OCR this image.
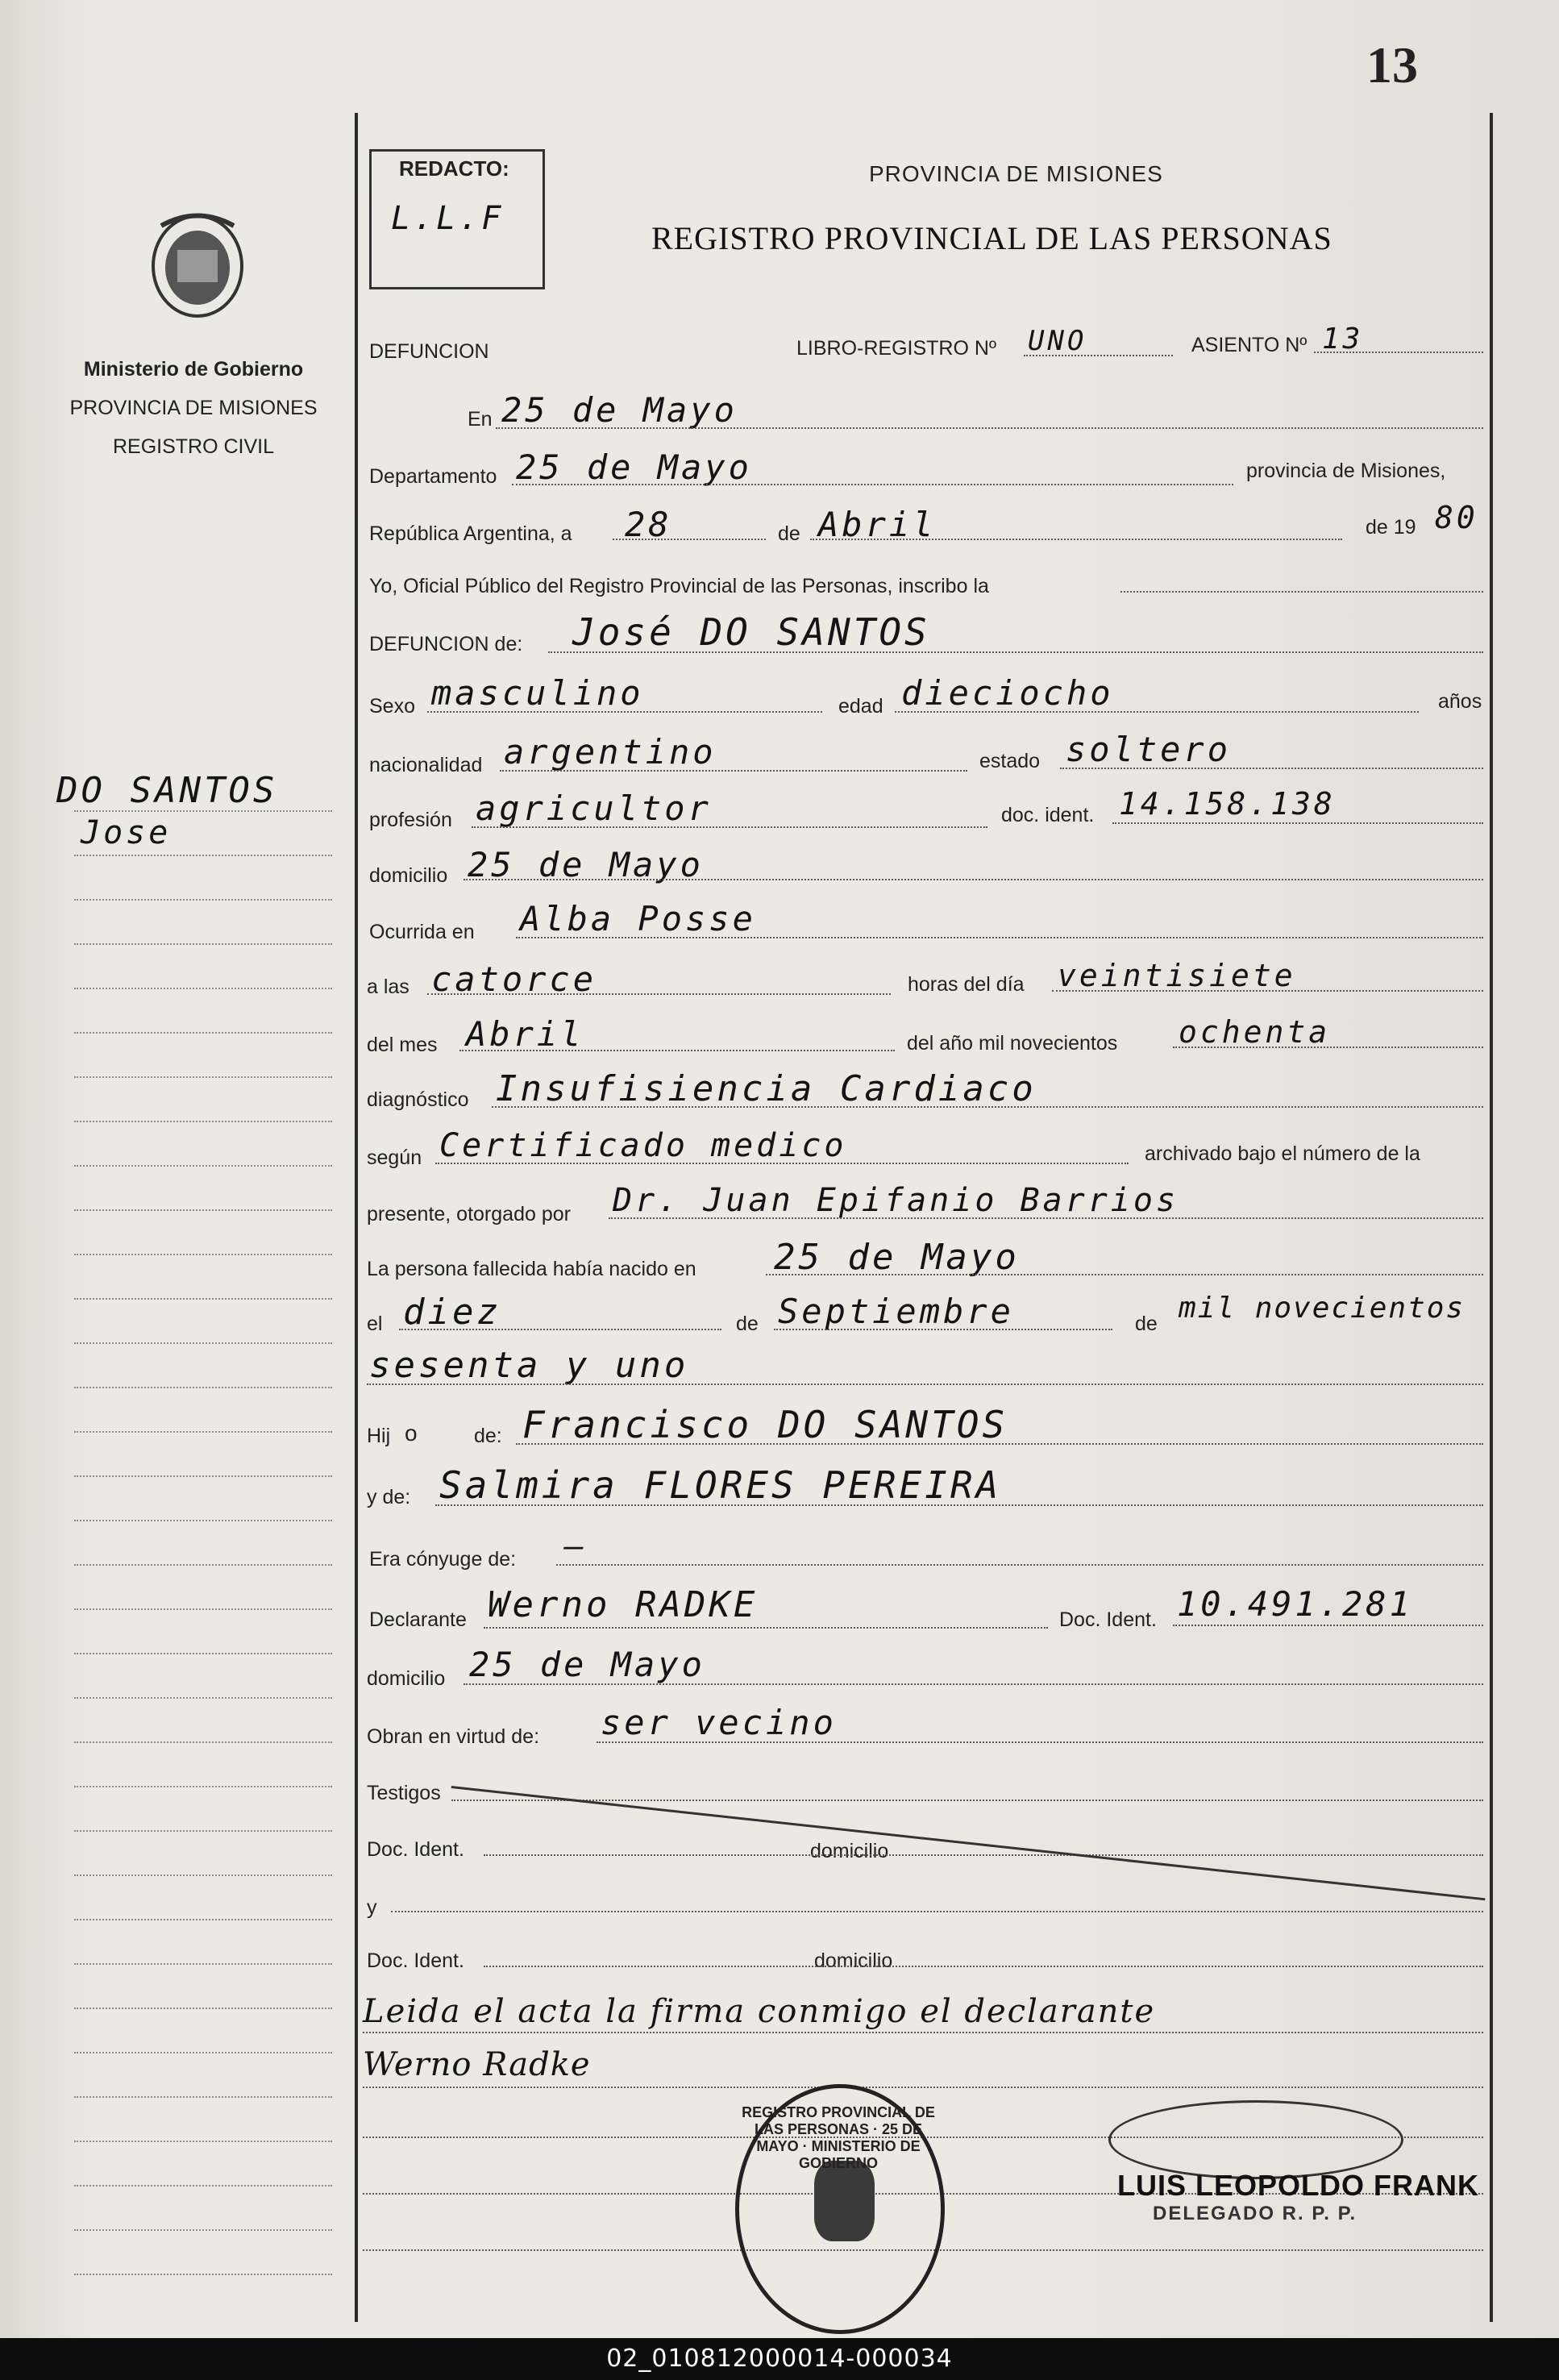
13
Ministerio de Gobierno
PROVINCIA DE MISIONES
REGISTRO CIVIL
DO SANTOS
Jose
REDACTO:
L.L.F
PROVINCIA DE MISIONES
REGISTRO PROVINCIAL DE LAS PERSONAS
DEFUNCION	LIBRO-REGISTRO Nº UNO	ASIENTO Nº 13
En 25 de Mayo
Departamento 25 de Mayo	provincia de Misiones,
República Argentina, a 28	de Abril	de 19 80
Yo, Oficial Público del Registro Provincial de las Personas, inscribo la
DEFUNCION de: José DO SANTOS
Sexo masculino	edad dieciocho	años
nacionalidad argentino	estado soltero
profesión agricultor	doc. ident. 14.158.138
domicilio 25 de Mayo
Ocurrida en Alba Posse
a las catorce	horas del día veintisiete
del mes Abril	del año mil novecientos ochenta
diagnóstico Insufisiencia Cardiaco
según Certificado medico	archivado bajo el número de la
presente, otorgado por Dr. Juan Epifanio Barrios
La persona fallecida había nacido en 25 de Mayo
el diez	de Septiembre	de mil novecientos
sesenta y uno
Hij o	de: Francisco DO SANTOS
y de: Salmira FLORES PEREIRA
Era cónyuge de: —
Declarante Werno RADKE	Doc. Ident. 10.491.281
domicilio 25 de Mayo
Obran en virtud de: ser vecino
Testigos
Doc. Ident.	domicilio
y
Doc. Ident.	domicilio
Leida el acta la firma conmigo el declarante
Werno Radke
REGISTRO PROVINCIAL DE LAS PERSONAS · 25 DE MAYO · MINISTERIO DE GOBIERNO
LUIS LEOPOLDO FRANK
DELEGADO R. P. P.
02_010812000014-000034
